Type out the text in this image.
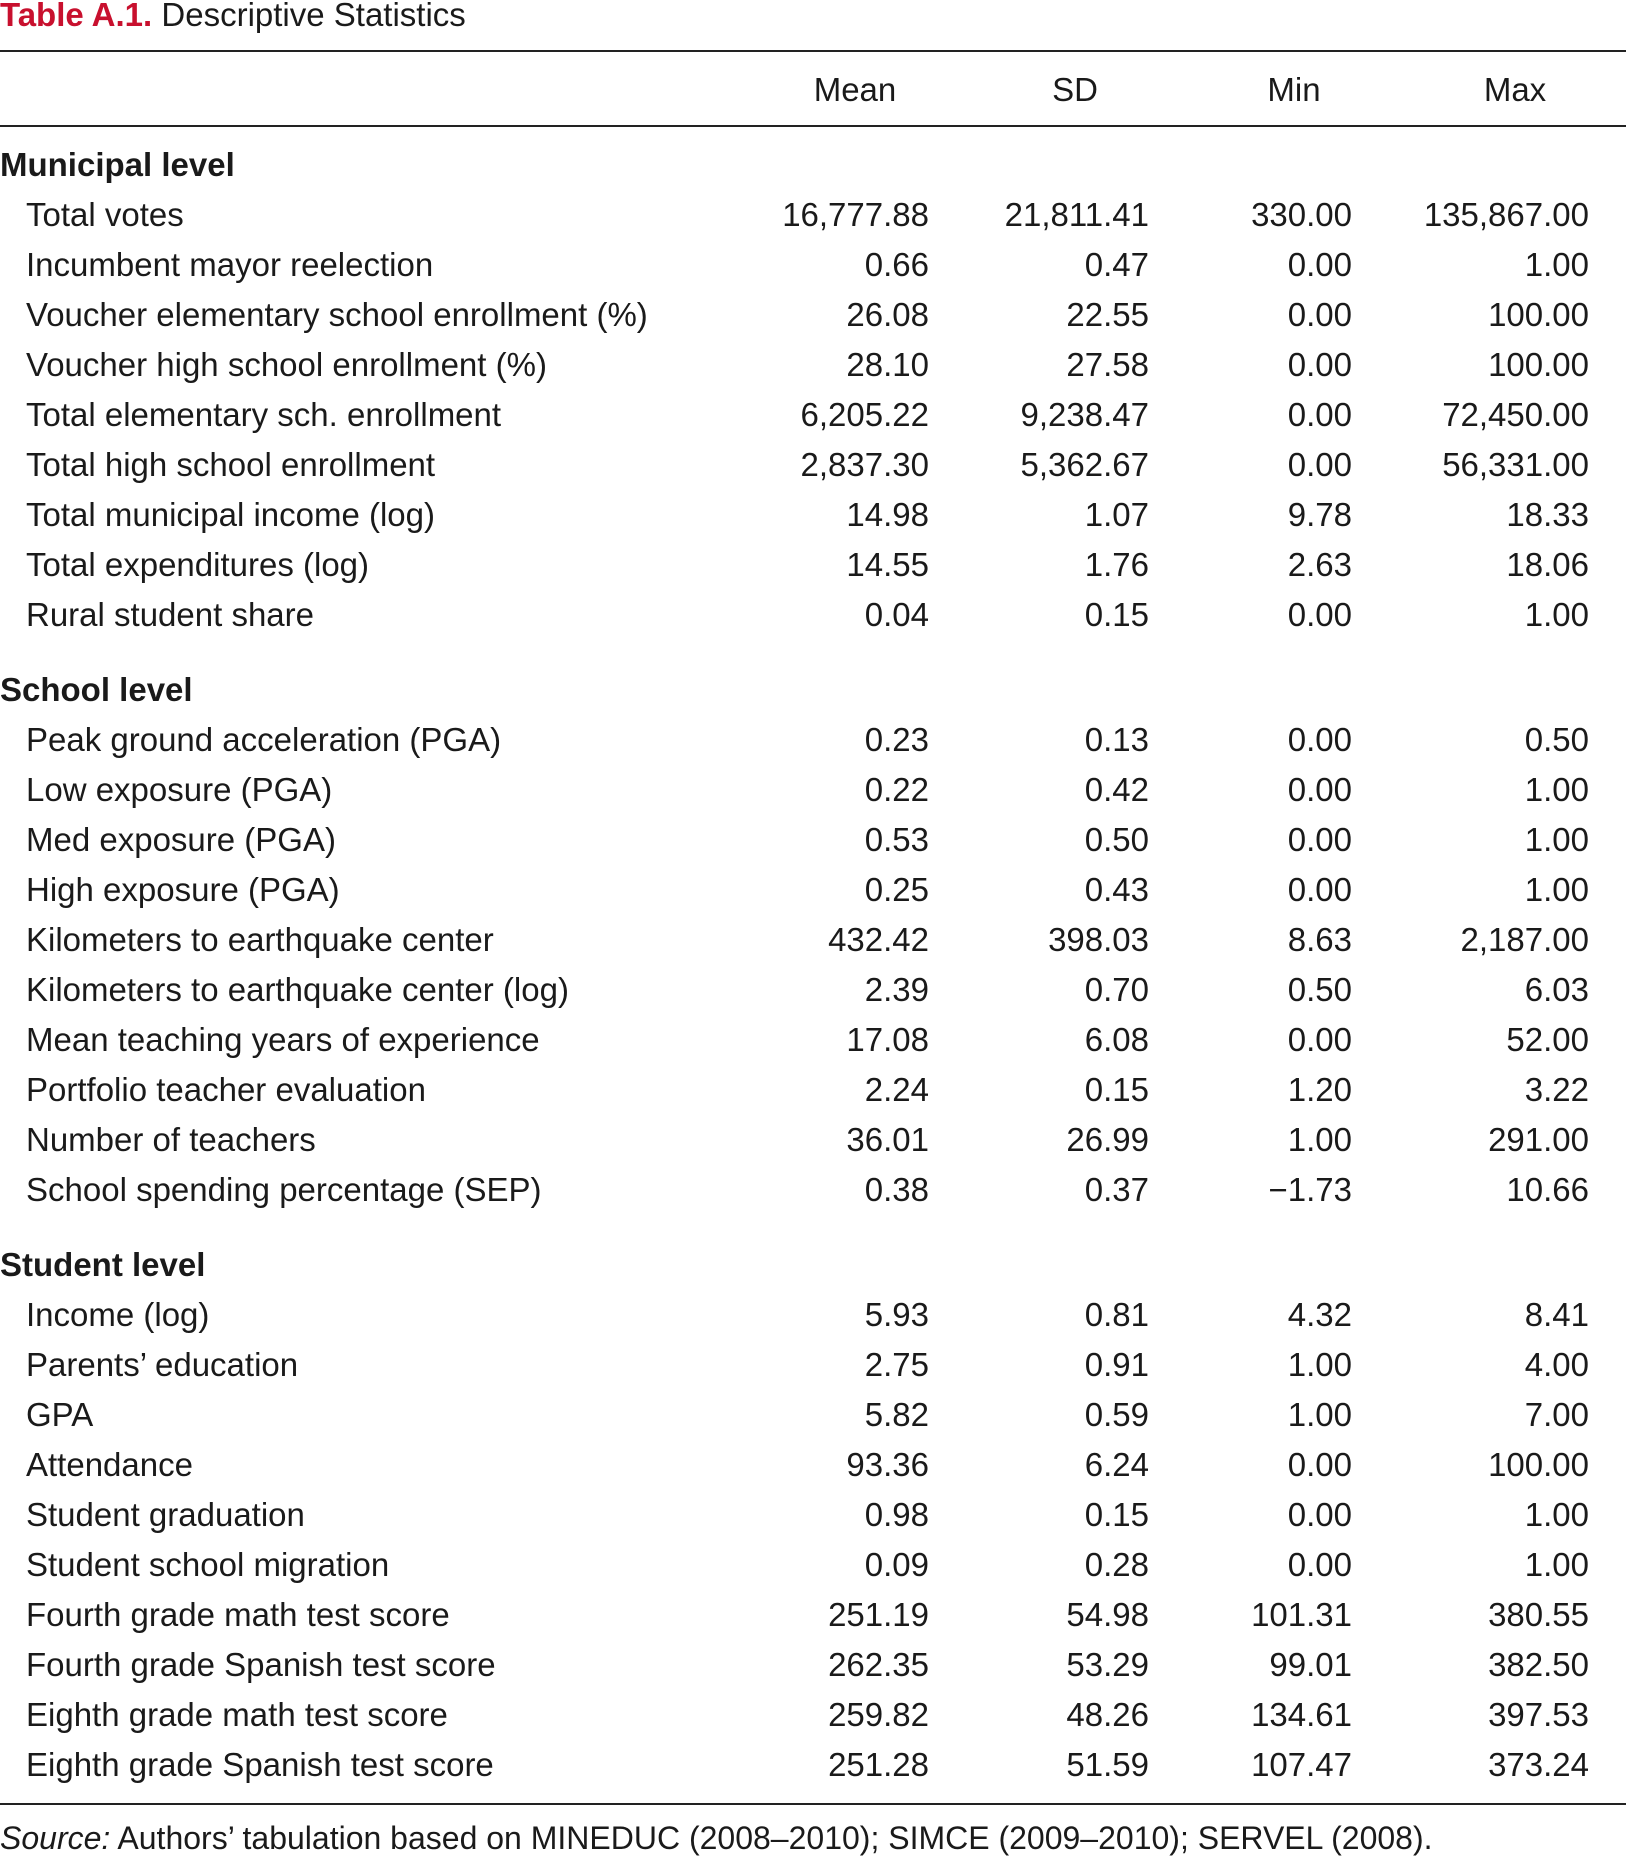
Table A.1. Descriptive Statistics
Mean	SD	Min	Max
Municipal level
Total votes	16,777.88	21,811.41	330.00	135,867.00
Incumbent mayor reelection	0.66	0.47	0.00	1.00
Voucher elementary school enrollment (%)	26.08	22.55	0.00	100.00
Voucher high school enrollment (%)	28.10	27.58	0.00	100.00
Total elementary sch. enrollment	6,205.22	9,238.47	0.00	72,450.00
Total high school enrollment	2,837.30	5,362.67	0.00	56,331.00
Total municipal income (log)	14.98	1.07	9.78	18.33
Total expenditures (log)	14.55	1.76	2.63	18.06
Rural student share	0.04	0.15	0.00	1.00
School level
Peak ground acceleration (PGA)	0.23	0.13	0.00	0.50
Low exposure (PGA)	0.22	0.42	0.00	1.00
Med exposure (PGA)	0.53	0.50	0.00	1.00
High exposure (PGA)	0.25	0.43	0.00	1.00
Kilometers to earthquake center	432.42	398.03	8.63	2,187.00
Kilometers to earthquake center (log)	2.39	0.70	0.50	6.03
Mean teaching years of experience	17.08	6.08	0.00	52.00
Portfolio teacher evaluation	2.24	0.15	1.20	3.22
Number of teachers	36.01	26.99	1.00	291.00
School spending percentage (SEP)	0.38	0.37	−1.73	10.66
Student level
Income (log)	5.93	0.81	4.32	8.41
Parents’ education	2.75	0.91	1.00	4.00
GPA	5.82	0.59	1.00	7.00
Attendance	93.36	6.24	0.00	100.00
Student graduation	0.98	0.15	0.00	1.00
Student school migration	0.09	0.28	0.00	1.00
Fourth grade math test score	251.19	54.98	101.31	380.55
Fourth grade Spanish test score	262.35	53.29	99.01	382.50
Eighth grade math test score	259.82	48.26	134.61	397.53
Eighth grade Spanish test score	251.28	51.59	107.47	373.24
Source: Authors’ tabulation based on MINEDUC (2008–2010); SIMCE (2009–2010); SERVEL (2008).
